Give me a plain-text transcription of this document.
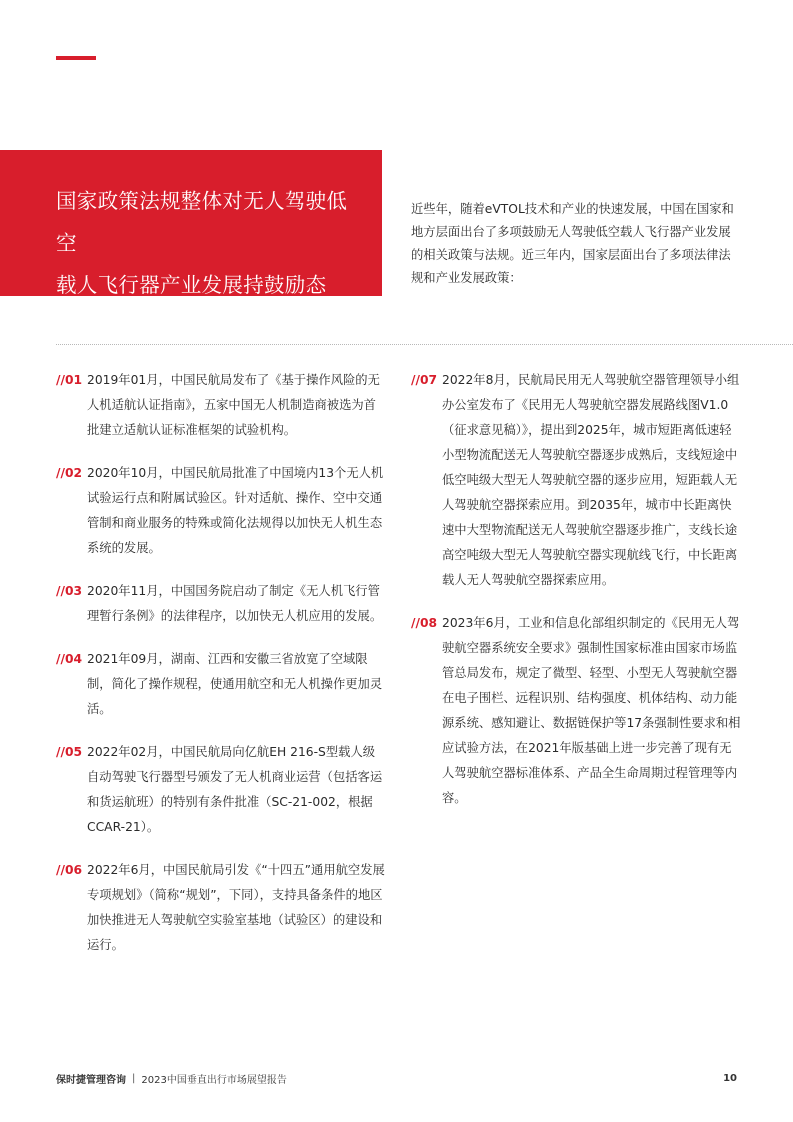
国家政策法规整体对无人驾驶低空

载人飞行器产业发展持鼓励态度。

近些年，随着eVTOL技术和产业的快速发展，中国在国家和地方层面出台了多项鼓励无人驾驶低空载人飞行器产业发展的相关政策与法规。近三年内，国家层面出台了多项法律法规和产业发展政策：

//01 2019年01月，中国民航局发布了《基于操作风险的无人机适航认证指南》，五家中国无人机制造商被选为首批建立适航认证标准框架的试验机构。

//02 2020年10月，中国民航局批准了中国境内13个无人机试验运行点和附属试验区。针对适航、操作、空中交通管制和商业服务的特殊或简化法规得以加快无人机生态系统的发展。

//03 2020年11月，中国国务院启动了制定《无人机飞行管理暂行条例》的法律程序，以加快无人机应用的发展。

//04 2021年09月，湖南、江西和安徽三省放宽了空域限制，简化了操作规程，使通用航空和无人机操作更加灵活。

//05 2022年02月，中国民航局向亿航EH 216-S型载人级自动驾驶飞行器型号颁发了无人机商业运营（包括客运和货运航班）的特别有条件批准（SC-21-002，根据CCAR-21）。

//06 2022年6月，中国民航局引发《“十四五”通用航空发展专项规划》（简称“规划”，下同），支持具备条件的地区加快推进无人驾驶航空实验室基地（试验区）的建设和运行。

//07 2022年8月，民航局民用无人驾驶航空器管理领导小组办公室发布了《民用无人驾驶航空器发展路线图V1.0（征求意见稿）》，提出到2025年，城市短距离低速轻小型物流配送无人驾驶航空器逐步成熟后，支线短途中低空吨级大型无人驾驶航空器的逐步应用，短距载人无人驾驶航空器探索应用。到2035年，城市中长距离快速中大型物流配送无人驾驶航空器逐步推广，支线长途高空吨级大型无人驾驶航空器实现航线飞行，中长距离载人无人驾驶航空器探索应用。

//08 2023年6月，工业和信息化部组织制定的《民用无人驾驶航空器系统安全要求》强制性国家标准由国家市场监管总局发布，规定了微型、轻型、小型无人驾驶航空器在电子围栏、远程识别、结构强度、机体结构、动力能源系统、感知避让、数据链保护等17条强制性要求和相应试验方法，在2021年版基础上进一步完善了现有无人驾驶航空器标准体系、产品全生命周期过程管理等内容。

保时捷管理咨询 | 2023中国垂直出行市场展望报告	10
